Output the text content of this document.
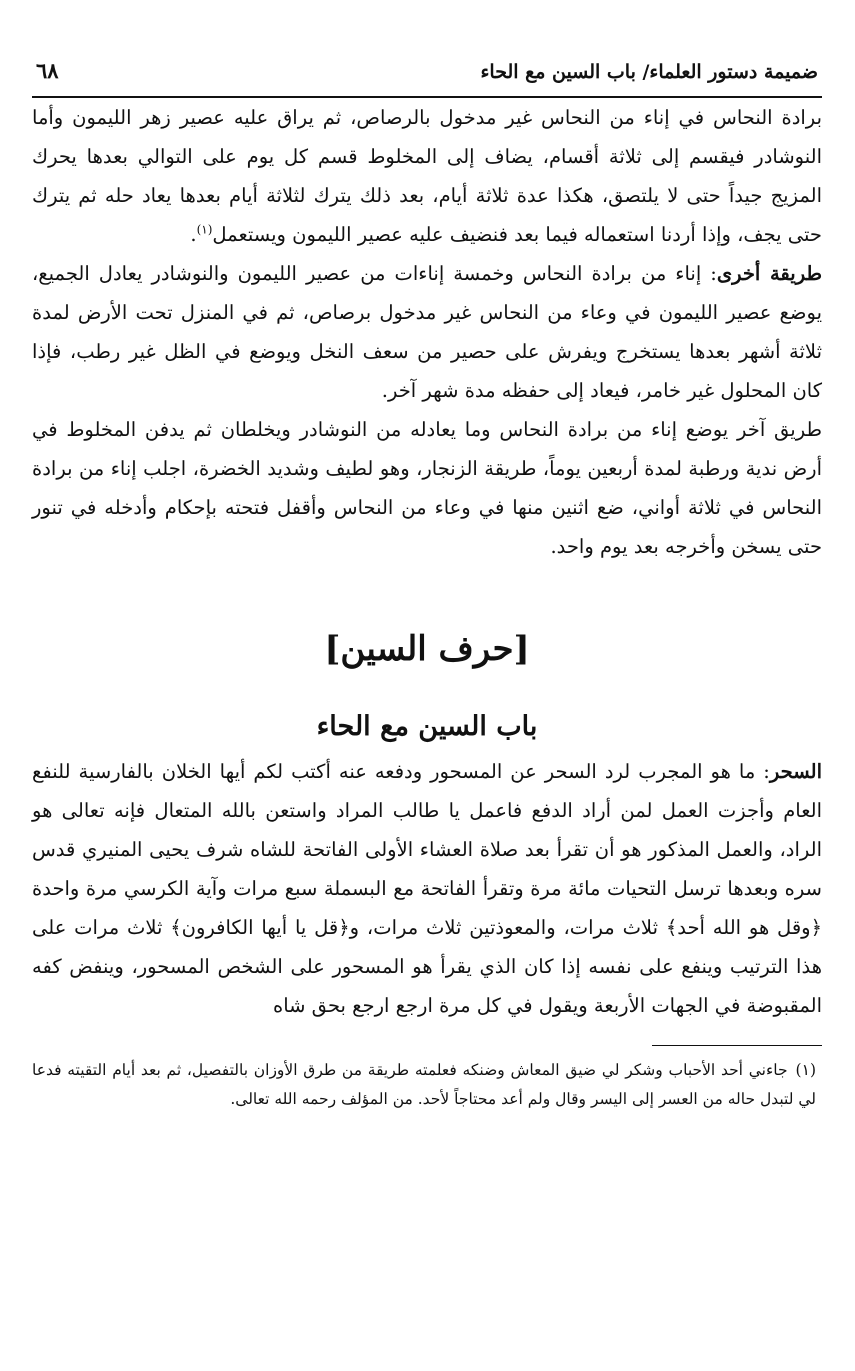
ضميمة دستور العلماء/ باب السين مع الحاء
٦٨

برادة النحاس في إناء من النحاس غير مدخول بالرصاص، ثم يراق عليه عصير زهر الليمون وأما النوشادر فيقسم إلى ثلاثة أقسام، يضاف إلى المخلوط قسم كل يوم على التوالي بعدها يحرك المزيج جيداً حتى لا يلتصق، هكذا عدة ثلاثة أيام، بعد ذلك يترك لثلاثة أيام بعدها يعاد حله ثم يترك حتى يجف، وإذا أردنا استعماله فيما بعد فنضيف عليه عصير الليمون ويستعمل$^{(١)}$.

طريقة أخرى: إناء من برادة النحاس وخمسة إناءات من عصير الليمون والنوشادر يعادل الجميع، يوضع عصير الليمون في وعاء من النحاس غير مدخول برصاص، ثم في المنزل تحت الأرض لمدة ثلاثة أشهر بعدها يستخرج ويفرش على حصير من سعف النخل ويوضع في الظل غير رطب، فإذا كان المحلول غير خامر، فيعاد إلى حفظه مدة شهر آخر.

طريق آخر يوضع إناء من برادة النحاس وما يعادله من النوشادر ويخلطان ثم يدفن المخلوط في أرض ندية ورطبة لمدة أربعين يوماً، طريقة الزنجار، وهو لطيف وشديد الخضرة، اجلب إناء من برادة النحاس في ثلاثة أواني، ضع اثنين منها في وعاء من النحاس وأقفل فتحته بإحكام وأدخله في تنور حتى يسخن وأخرجه بعد يوم واحد.

[حرف السين]
باب السين مع الحاء

السحر: ما هو المجرب لرد السحر عن المسحور ودفعه عنه أكتب لكم أيها الخلان بالفارسية للنفع العام وأجزت العمل لمن أراد الدفع فاعمل يا طالب المراد واستعن بالله المتعال فإنه تعالى هو الراد، والعمل المذكور هو أن تقرأ بعد صلاة العشاء الأولى الفاتحة للشاه شرف يحيى المنيري قدس سره وبعدها ترسل التحيات مائة مرة وتقرأ الفاتحة مع البسملة سبع مرات وآية الكرسي مرة واحدة ﴿وقل هو الله أحد﴾ ثلاث مرات، والمعوذتين ثلاث مرات، و﴿قل يا أيها الكافرون﴾ ثلاث مرات على هذا الترتيب وينفع على نفسه إذا كان الذي يقرأ هو المسحور على الشخص المسحور، وينفض كفه المقبوضة في الجهات الأربعة ويقول في كل مرة ارجع ارجع بحق شاه

(١)جاءني أحد الأحباب وشكر لي ضيق المعاش وضنكه فعلمته طريقة من طرق الأوزان بالتفصيل، ثم بعد أيام التقيته فدعا لي لتبدل حاله من العسر إلى اليسر وقال ولم أعد محتاجاً لأحد. من المؤلف رحمه الله تعالى.
